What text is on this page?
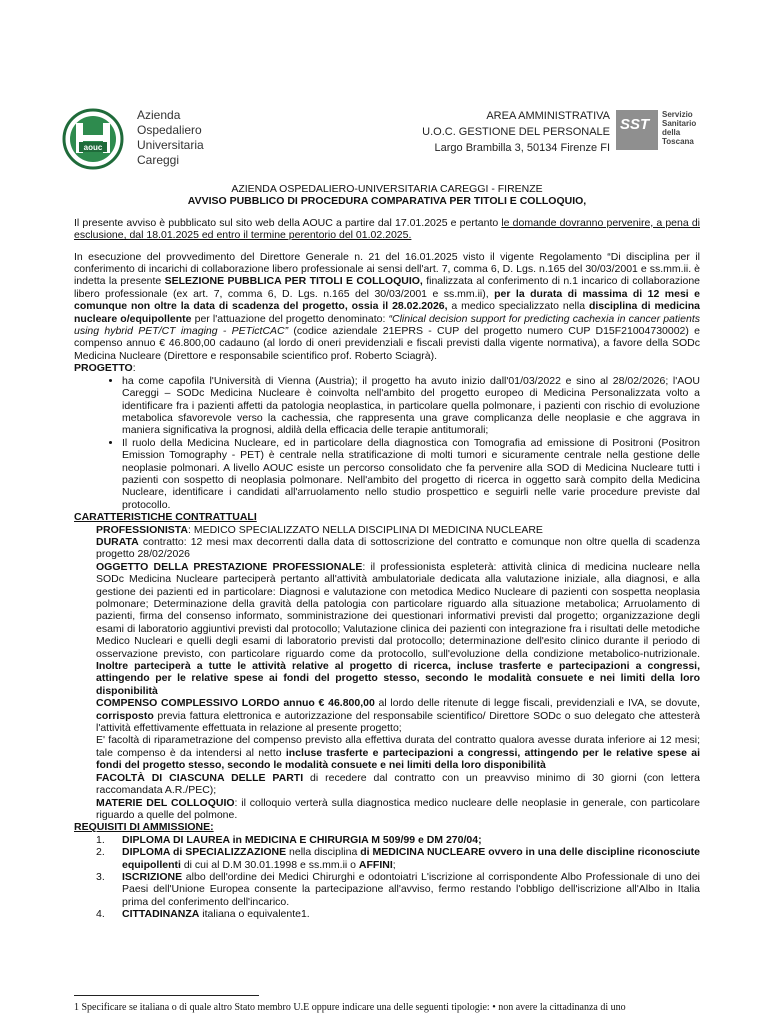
aouc
Azienda
Ospedaliero
Universitaria
Careggi
AREA AMMINISTRATIVA
U.O.C. GESTIONE DEL PERSONALE
Largo Brambilla 3, 50134 Firenze FI
SST
Servizio
Sanitario
della
Toscana

AZIENDA OSPEDALIERO-UNIVERSITARIA CAREGGI - FIRENZE

AVVISO PUBBLICO DI PROCEDURA COMPARATIVA PER TITOLI E COLLOQUIO,

Il presente avviso è pubblicato sul sito web della AOUC a partire dal 17.01.2025 e pertanto le domande dovranno pervenire, a pena di esclusione, dal 18.01.2025 ed entro il termine perentorio del 01.02.2025.

In esecuzione del provvedimento del Direttore Generale n. 21 del 16.01.2025 visto il vigente Regolamento “Di disciplina per il conferimento di incarichi di collaborazione libero professionale ai sensi dell'art. 7, comma 6, D. Lgs. n.165 del 30/03/2001 e ss.mm.ii. è indetta la presente SELEZIONE PUBBLICA PER TITOLI E COLLOQUIO, finalizzata al conferimento di n.1 incarico di collaborazione libero professionale (ex art. 7, comma 6, D. Lgs. n.165 del 30/03/2001 e ss.mm.ii), per la durata di massima di 12 mesi e comunque non oltre la data di scadenza del progetto, ossia il 28.02.2026, a medico specializzato nella disciplina di medicina nucleare o/equipollente per l'attuazione del progetto denominato: “Clinical decision support for predicting cachexia in cancer patients using hybrid PET/CT imaging - PETictCAC” (codice aziendale 21EPRS - CUP del progetto numero CUP D15F21004730002) e compenso annuo € 46.800,00 cadauno (al lordo di oneri previdenziali e fiscali previsti dalla vigente normativa), a favore della SODc Medicina Nucleare (Direttore e responsabile scientifico prof. Roberto Sciagrà).

PROGETTO:

• ha come capofila l'Università di Vienna (Austria); il progetto ha avuto inizio dall'01/03/2022 e sino al 28/02/2026; l'AOU Careggi – SODc Medicina Nucleare è coinvolta nell'ambito del progetto europeo di Medicina Personalizzata volto a identificare fra i pazienti affetti da patologia neoplastica, in particolare quella polmonare, i pazienti con rischio di evoluzione metabolica sfavorevole verso la cachessia, che rappresenta una grave complicanza delle neoplasie e che aggrava in maniera significativa la prognosi, aldilà della efficacia delle terapie antitumorali;
• Il ruolo della Medicina Nucleare, ed in particolare della diagnostica con Tomografia ad emissione di Positroni (Positron Emission Tomography - PET) è centrale nella stratificazione di molti tumori e sicuramente centrale nella gestione delle neoplasie polmonari. A livello AOUC esiste un percorso consolidato che fa pervenire alla SOD di Medicina Nucleare tutti i pazienti con sospetto di neoplasia polmonare. Nell'ambito del progetto di ricerca in oggetto sarà compito della Medicina Nucleare, identificare i candidati all'arruolamento nello studio prospettico e seguirli nelle varie procedure previste dal protocollo.

CARATTERISTICHE CONTRATTUALI

PROFESSIONISTA: MEDICO SPECIALIZZATO NELLA DISCIPLINA DI MEDICINA NUCLEARE

DURATA contratto: 12 mesi max decorrenti dalla data di sottoscrizione del contratto e comunque non oltre quella di scadenza progetto 28/02/2026

OGGETTO DELLA PRESTAZIONE PROFESSIONALE: il professionista espleterà: attività clinica di medicina nucleare nella SODc Medicina Nucleare parteciperà pertanto all'attività ambulatoriale dedicata alla valutazione iniziale, alla diagnosi, e alla gestione dei pazienti ed in particolare: Diagnosi e valutazione con metodica Medico Nucleare di pazienti con sospetta neoplasia polmonare; Determinazione della gravità della patologia con particolare riguardo alla situazione metabolica; Arruolamento di pazienti, firma del consenso informato, somministrazione dei questionari informativi previsti dal progetto; organizzazione degli esami di laboratorio aggiuntivi previsti dal protocollo; Valutazione clinica dei pazienti con integrazione fra i risultati delle metodiche Medico Nucleari e quelli degli esami di laboratorio previsti dal protocollo; determinazione dell'esito clinico durante il periodo di osservazione previsto, con particolare riguardo come da protocollo, sull'evoluzione della condizione metabolico-nutrizionale. Inoltre parteciperà a tutte le attività relative al progetto di ricerca, incluse trasferte e partecipazioni a congressi, attingendo per le relative spese ai fondi del progetto stesso, secondo le modalità consuete e nei limiti della loro disponibilità

COMPENSO COMPLESSIVO LORDO annuo € 46.800,00 al lordo delle ritenute di legge fiscali, previdenziali e IVA, se dovute, corrisposto previa fattura elettronica e autorizzazione del responsabile scientifico/ Direttore SODc o suo delegato che attesterà l'attività effettivamente effettuata in relazione al presente progetto;

E' facoltà di riparametrazione del compenso previsto alla effettiva durata del contratto qualora avesse durata inferiore ai 12 mesi; tale compenso è da intendersi al netto incluse trasferte e partecipazioni a congressi, attingendo per le relative spese ai fondi del progetto stesso, secondo le modalità consuete e nei limiti della loro disponibilità

FACOLTÀ DI CIASCUNA DELLE PARTI di recedere dal contratto con un preavviso minimo di 30 giorni (con lettera raccomandata A.R./PEC);

MATERIE DEL COLLOQUIO: il colloquio verterà sulla diagnostica medico nucleare delle neoplasie in generale, con particolare riguardo a quelle del polmone.

REQUISITI DI AMMISSIONE:

1. DIPLOMA DI LAUREA in MEDICINA E CHIRURGIA M 509/99 e DM 270/04;
2. DIPLOMA di SPECIALIZZAZIONE nella disciplina di MEDICINA NUCLEARE ovvero in una delle discipline riconosciute equipollenti di cui al D.M 30.01.1998 e ss.mm.ii o AFFINI;
3. ISCRIZIONE albo dell'ordine dei Medici Chirurghi e odontoiatri L'iscrizione al corrispondente Albo Professionale di uno dei Paesi dell'Unione Europea consente la partecipazione all'avviso, fermo restando l'obbligo dell'iscrizione all'Albo in Italia prima del conferimento dell'incarico.
4. CITTADINANZA italiana o equivalente1.
1 Specificare se italiana o di quale altro Stato membro U.E oppure indicare una delle seguenti tipologie: • non avere la cittadinanza di uno
